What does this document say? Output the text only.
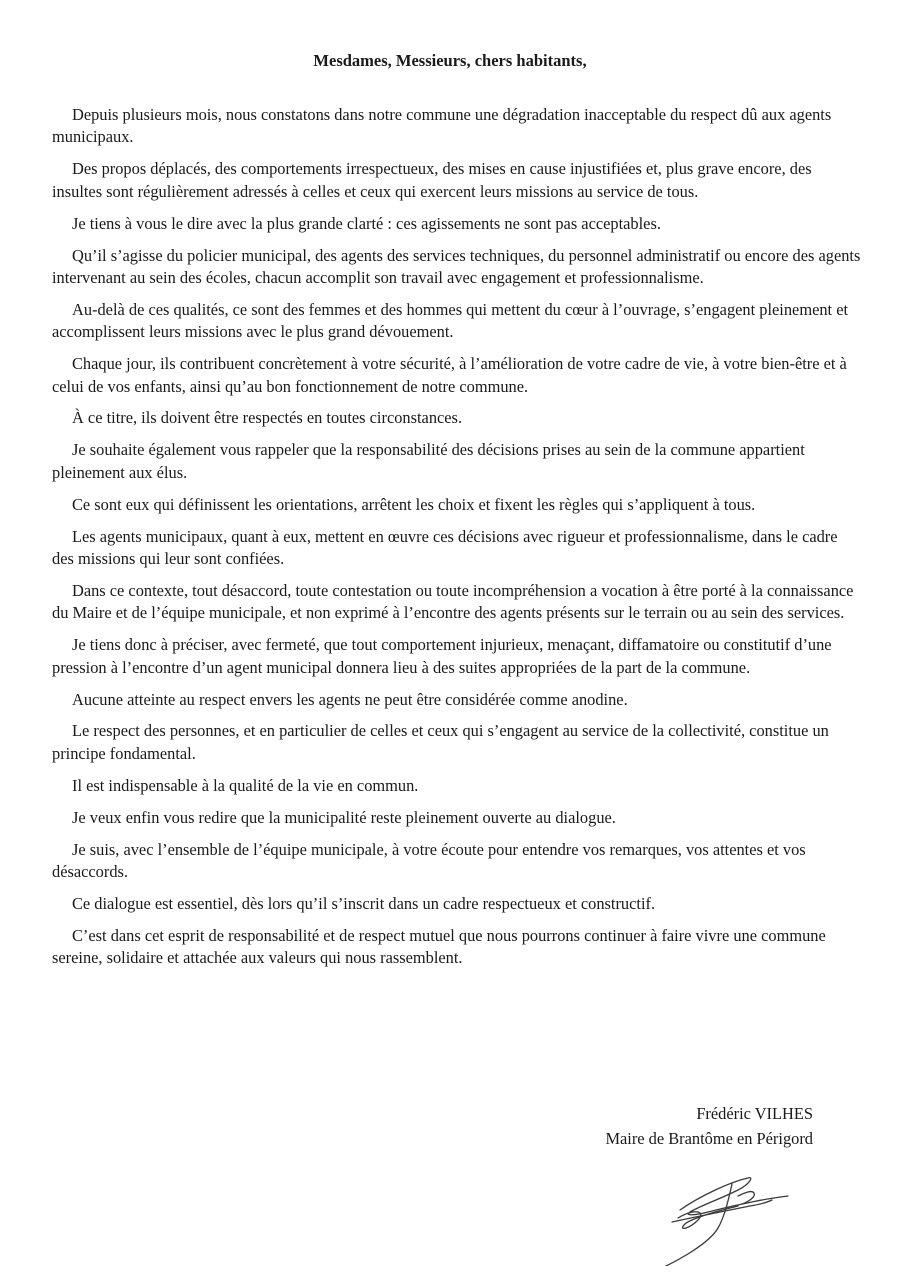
Mesdames, Messieurs, chers habitants,

Depuis plusieurs mois, nous constatons dans notre commune une dégradation inacceptable du respect dû aux agents municipaux.

Des propos déplacés, des comportements irrespectueux, des mises en cause injustifiées et, plus grave encore, des insultes sont régulièrement adressés à celles et ceux qui exercent leurs missions au service de tous.

Je tiens à vous le dire avec la plus grande clarté : ces agissements ne sont pas acceptables.

Qu’il s’agisse du policier municipal, des agents des services techniques, du personnel administratif ou encore des agents intervenant au sein des écoles, chacun accomplit son travail avec engagement et professionnalisme.

Au-delà de ces qualités, ce sont des femmes et des hommes qui mettent du cœur à l’ouvrage, s’engagent pleinement et accomplissent leurs missions avec le plus grand dévouement.

Chaque jour, ils contribuent concrètement à votre sécurité, à l’amélioration de votre cadre de vie, à votre bien-être et à celui de vos enfants, ainsi qu’au bon fonctionnement de notre commune.

À ce titre, ils doivent être respectés en toutes circonstances.

Je souhaite également vous rappeler que la responsabilité des décisions prises au sein de la commune appartient pleinement aux élus.

Ce sont eux qui définissent les orientations, arrêtent les choix et fixent les règles qui s’appliquent à tous.

Les agents municipaux, quant à eux, mettent en œuvre ces décisions avec rigueur et professionnalisme, dans le cadre des missions qui leur sont confiées.

Dans ce contexte, tout désaccord, toute contestation ou toute incompréhension a vocation à être porté à la connaissance du Maire et de l’équipe municipale, et non exprimé à l’encontre des agents présents sur le terrain ou au sein des services.

Je tiens donc à préciser, avec fermeté, que tout comportement injurieux, menaçant, diffamatoire ou constitutif d’une pression à l’encontre d’un agent municipal donnera lieu à des suites appropriées de la part de la commune.

Aucune atteinte au respect envers les agents ne peut être considérée comme anodine.

Le respect des personnes, et en particulier de celles et ceux qui s’engagent au service de la collectivité, constitue un principe fondamental.

Il est indispensable à la qualité de la vie en commun.

Je veux enfin vous redire que la municipalité reste pleinement ouverte au dialogue.

Je suis, avec l’ensemble de l’équipe municipale, à votre écoute pour entendre vos remarques, vos attentes et vos désaccords.

Ce dialogue est essentiel, dès lors qu’il s’inscrit dans un cadre respectueux et constructif.

C’est dans cet esprit de responsabilité et de respect mutuel que nous pourrons continuer à faire vivre une commune sereine, solidaire et attachée aux valeurs qui nous rassemblent.

Frédéric VILHES
Maire de Brantôme en Périgord
